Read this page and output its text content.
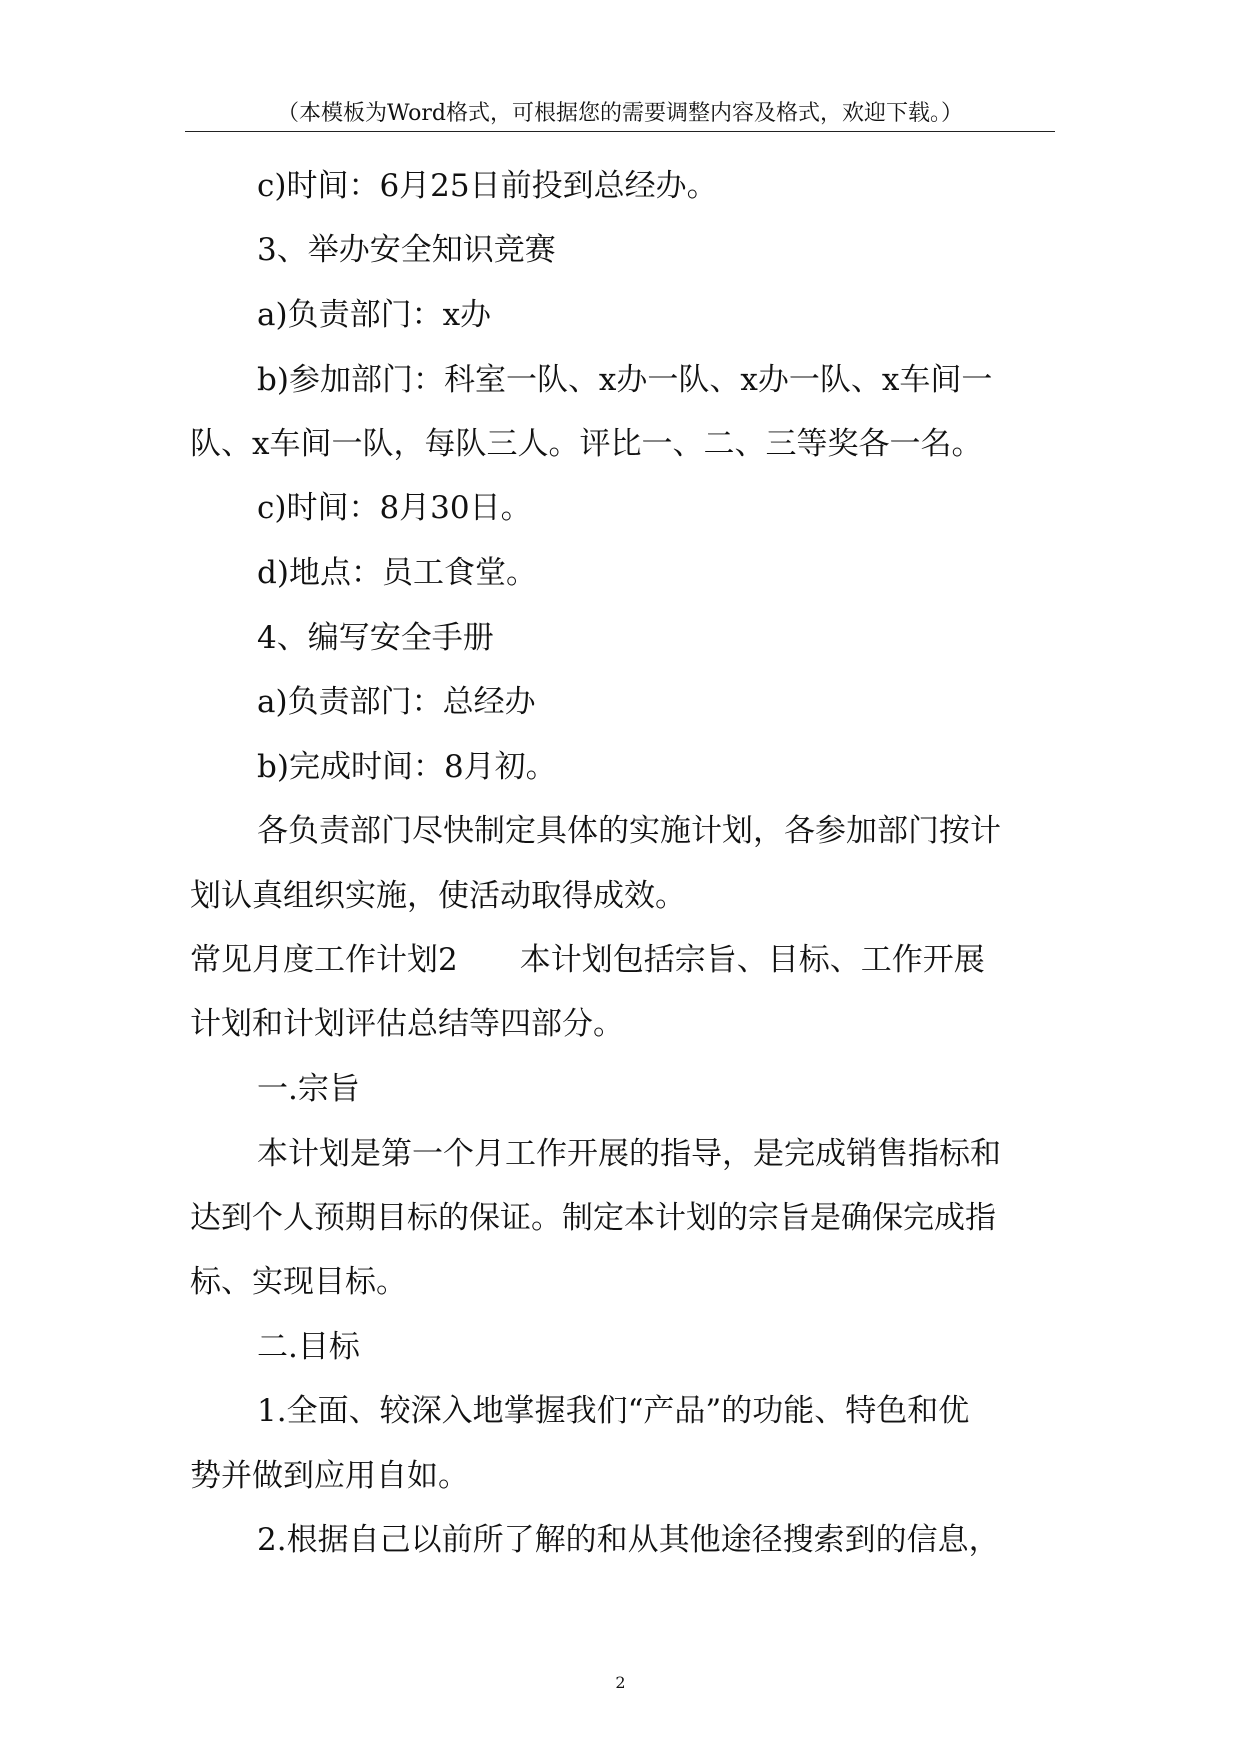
（本模板为Word格式，可根据您的需要调整内容及格式，欢迎下载。）
c)时间：6月25日前投到总经办。
3、举办安全知识竞赛
a)负责部门：x办
b)参加部门：科室一队、x办一队、x办一队、x车间一
队、x车间一队，每队三人。评比一、二、三等奖各一名。
c)时间：8月30日。
d)地点：员工食堂。
4、编写安全手册
a)负责部门：总经办
b)完成时间：8月初。
各负责部门尽快制定具体的实施计划，各参加部门按计
划认真组织实施，使活动取得成效。
常见月度工作计划2　　本计划包括宗旨、目标、工作开展
计划和计划评估总结等四部分。
一.宗旨
本计划是第一个月工作开展的指导，是完成销售指标和
达到个人预期目标的保证。制定本计划的宗旨是确保完成指
标、实现目标。
二.目标
1.全面、较深入地掌握我们“产品”的功能、特色和优
势并做到应用自如。
2.根据自己以前所了解的和从其他途径搜索到的信息，
2
